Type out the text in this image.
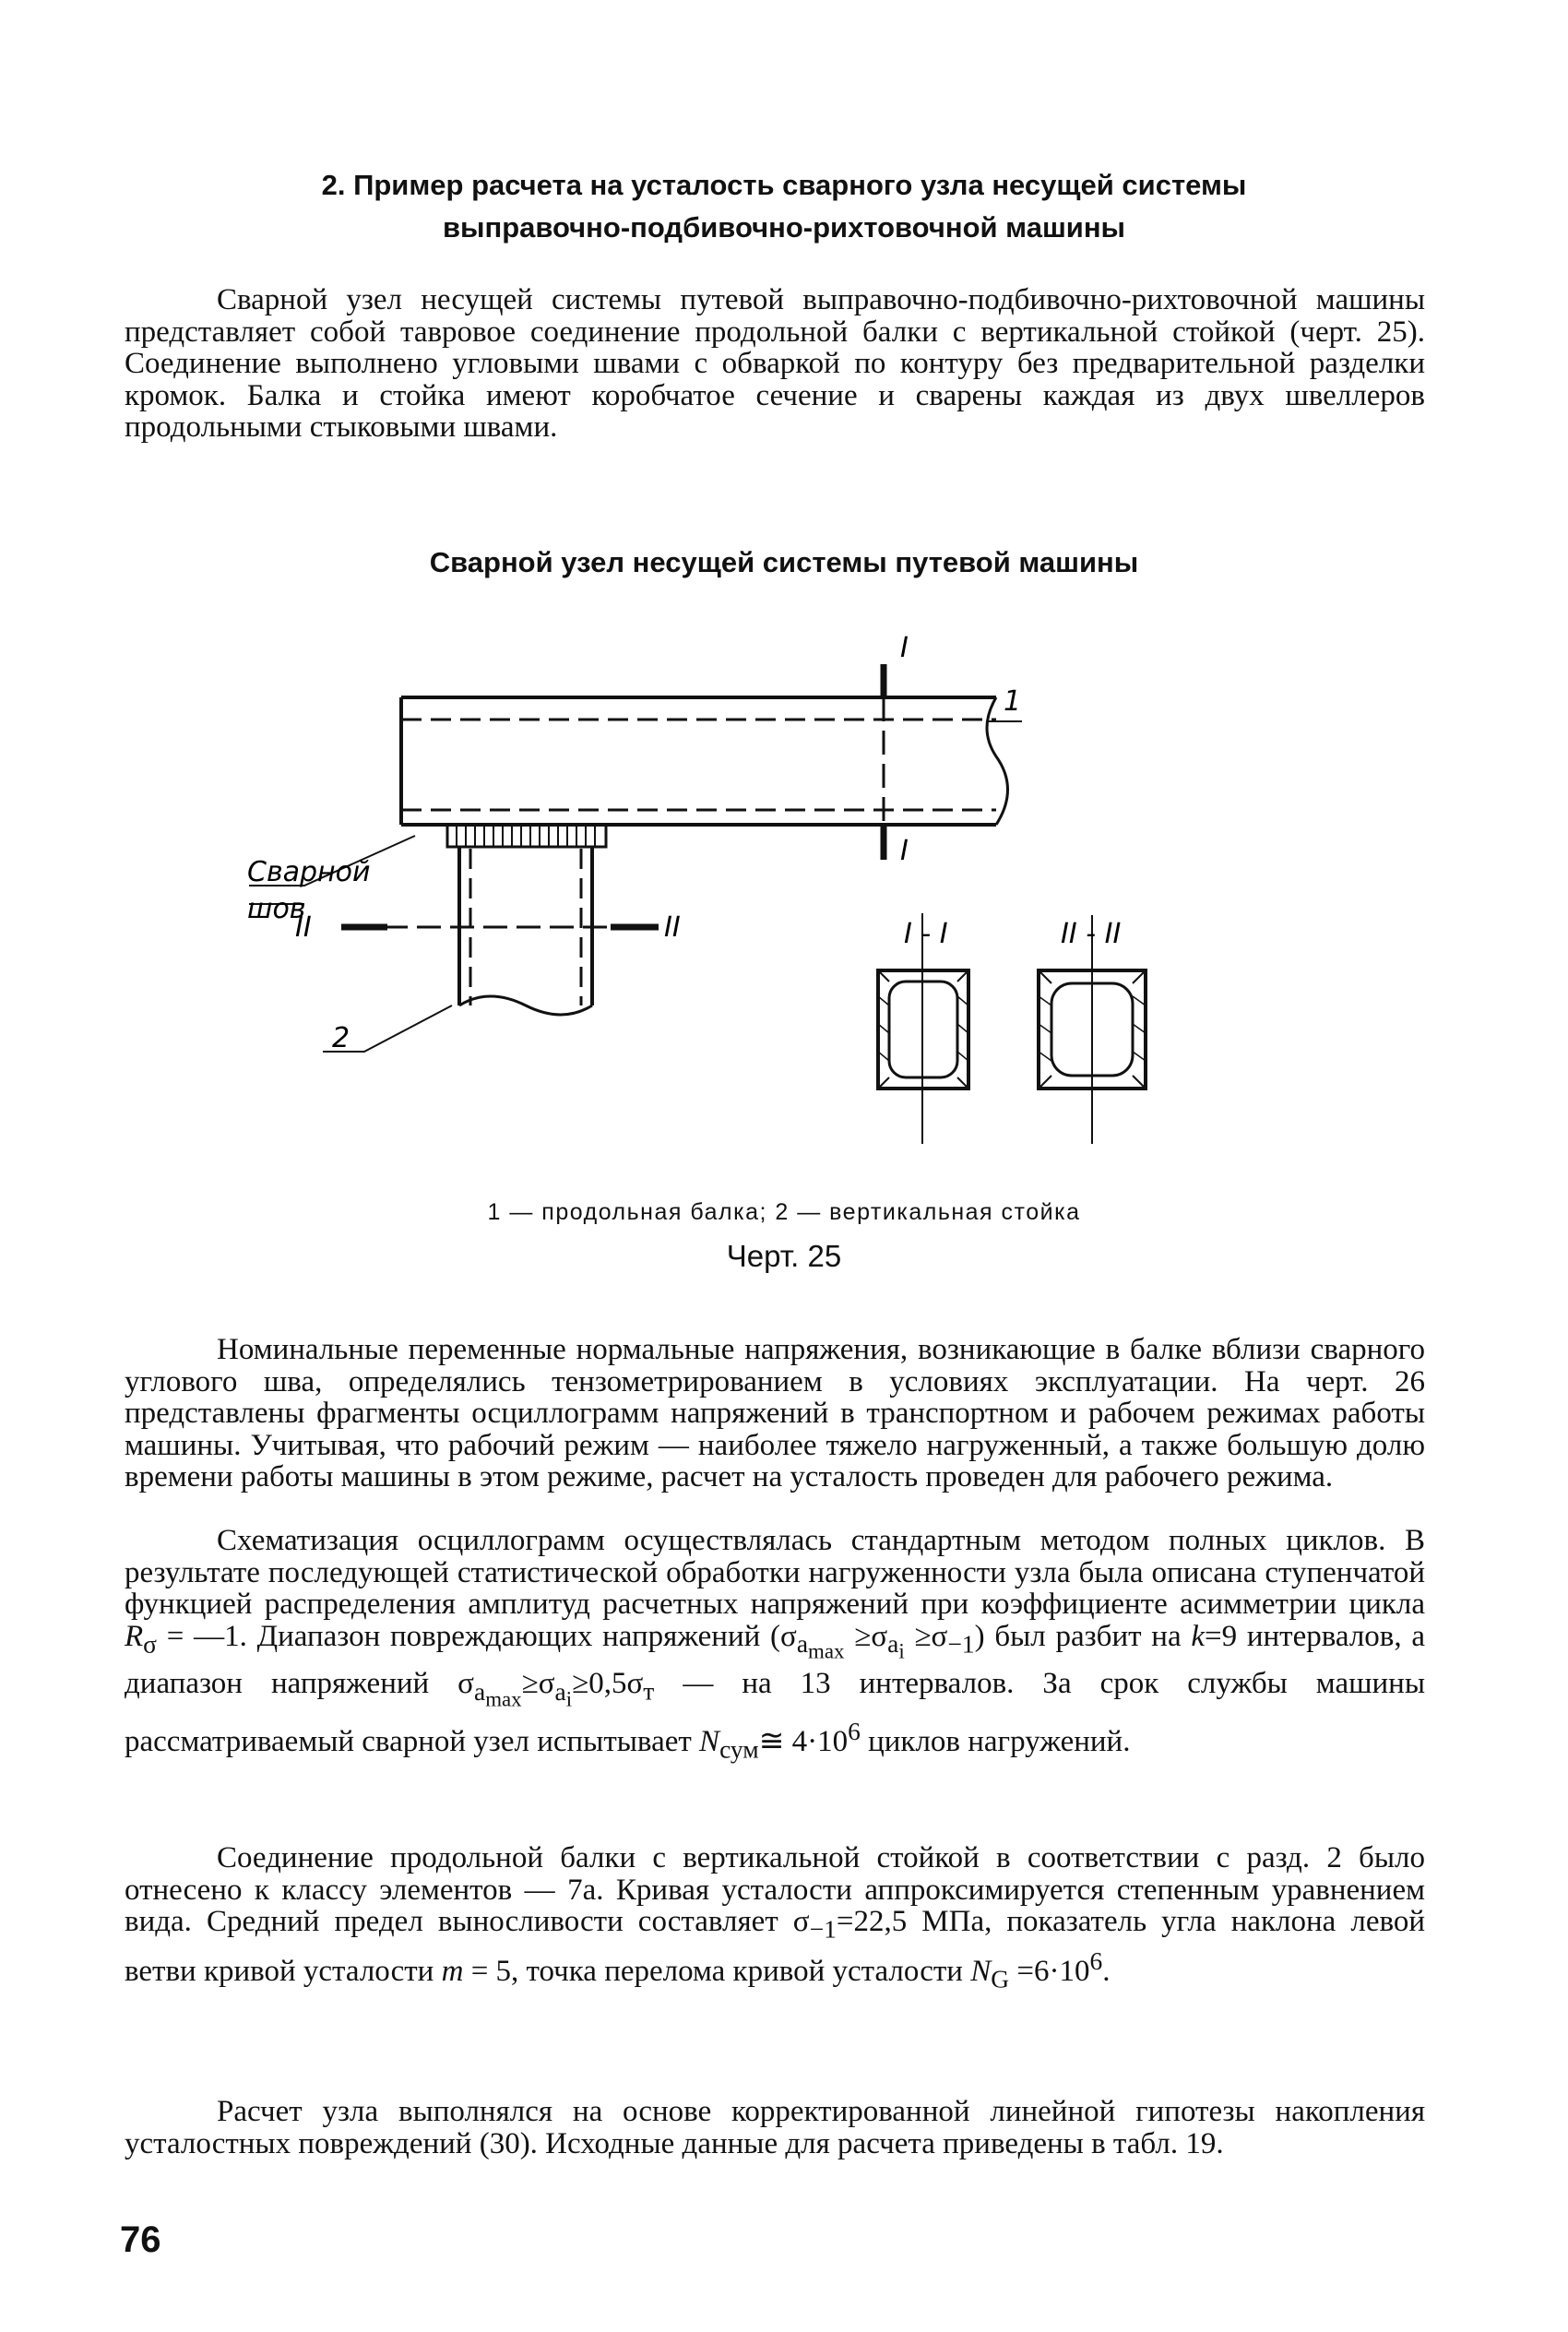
2. Пример расчета на усталость сварного узла несущей системы
выправочно-подбивочно-рихтовочной машины

Сварной узел несущей системы путевой выправочно-подбивочно-рихтовочной машины представляет собой тавровое соединение продольной балки с вертикальной стойкой (черт. 25). Соединение выполнено угловыми швами с обваркой по контуру без предварительной разделки кромок. Балка и стойка имеют коробчатое сечение и сварены каждая из двух швеллеров продольными стыковыми швами.

Сварной узел несущей системы путевой машины
I
I
1
II	II
2
Сварной
шов
I - I	II - II
1 — продольная балка; 2 — вертикальная стойка
Черт. 25

Номинальные переменные нормальные напряжения, возникающие в балке вблизи сварного углового шва, определялись тензометрированием в условиях эксплуатации. На черт. 26 представлены фрагменты осциллограмм напряжений в транспортном и рабочем режимах работы машины. Учитывая, что рабочий режим — наиболее тяжело нагруженный, а также большую долю времени работы машины в этом режиме, расчет на усталость проведен для рабочего режима.

Схематизация осциллограмм осуществлялась стандартным методом полных циклов. В результате последующей статистической обработки нагруженности узла была описана ступенчатой функцией распределения амплитуд расчетных напряжений при коэффициенте асимметрии цикла $R_\sigma$ = —1. Диапазон повреждающих напряжений $(\sigma_{a_{max}} \ge\sigma_{a_i} \ge\sigma_{-1})$ был разбит на k=9 интервалов, а диапазон напряжений $\sigma_{a_{max}}\ge\sigma_{a_i}\ge 0,5\sigma_т$ — на 13 интервалов. За срок службы машины рассматриваемый сварной узел испытывает $N_{сум}≅$ $4\cdot 10^6$ циклов нагружений.

Соединение продольной балки с вертикальной стойкой в соответствии с разд. 2 было отнесено к классу элементов — 7а. Кривая усталости аппроксимируется степенным уравнением вида. Средний предел выносливости составляет $\sigma_{-1}=22,5$ МПа, показатель угла наклона левой ветви кривой усталости m = 5, точка перелома кривой усталости $N_G =6\cdot 10^6$.

Расчет узла выполнялся на основе корректированной линейной гипотезы накопления усталостных повреждений (30). Исходные данные для расчета приведены в табл. 19.

76
